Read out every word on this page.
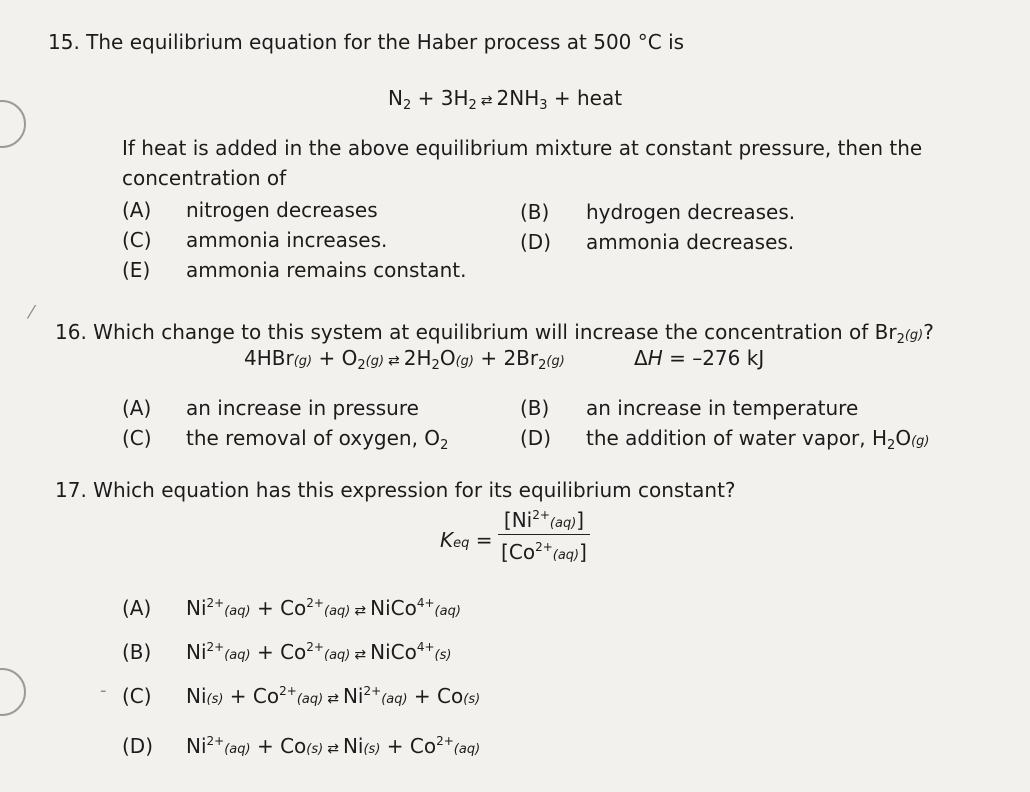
⁄
-
15. The equilibrium equation for the Haber process at 500 °C is
$N_2 + 3H_2$ ⇄ $2NH_3$ + heat
If heat is added in the above equilibrium mixture at constant pressure, then the
concentration of
(A) nitrogen decreases	(B) hydrogen decreases.
(C) ammonia increases.	(D) ammonia decreases.
(E) ammonia remains constant.
16. Which change to this system at equilibrium will increase the concentration of $Br_2(g)$?
$4HBr(g) + O_2(g)$ ⇄ $2H_2O(g) + 2Br_2(g)$	ΔH = –276 kJ
(A) an increase in pressure	(B) an increase in temperature
(C) the removal of oxygen, $O_2$	(D) the addition of water vapor, $H_2O(g)$
17. Which equation has this expression for its equilibrium constant?
Keq = $\frac{[Ni^{2+}(aq)]}{[Co^{2+}(aq)]}$
(A) $Ni^{2+}(aq) + Co^{2+}(aq)$ ⇄ NiCo$^{4+}$(aq)
(B) $Ni^{2+}(aq) + Co^{2+}(aq)$ ⇄ NiCo$^{4+}$(s)
(C) $Ni(s) + Co^{2+}(aq)$ ⇄ $Ni^{2+}(aq) + Co(s)$
(D) $Ni^{2+}(aq) + Co(s)$ ⇄ $Ni(s) + Co^{2+}(aq)$
